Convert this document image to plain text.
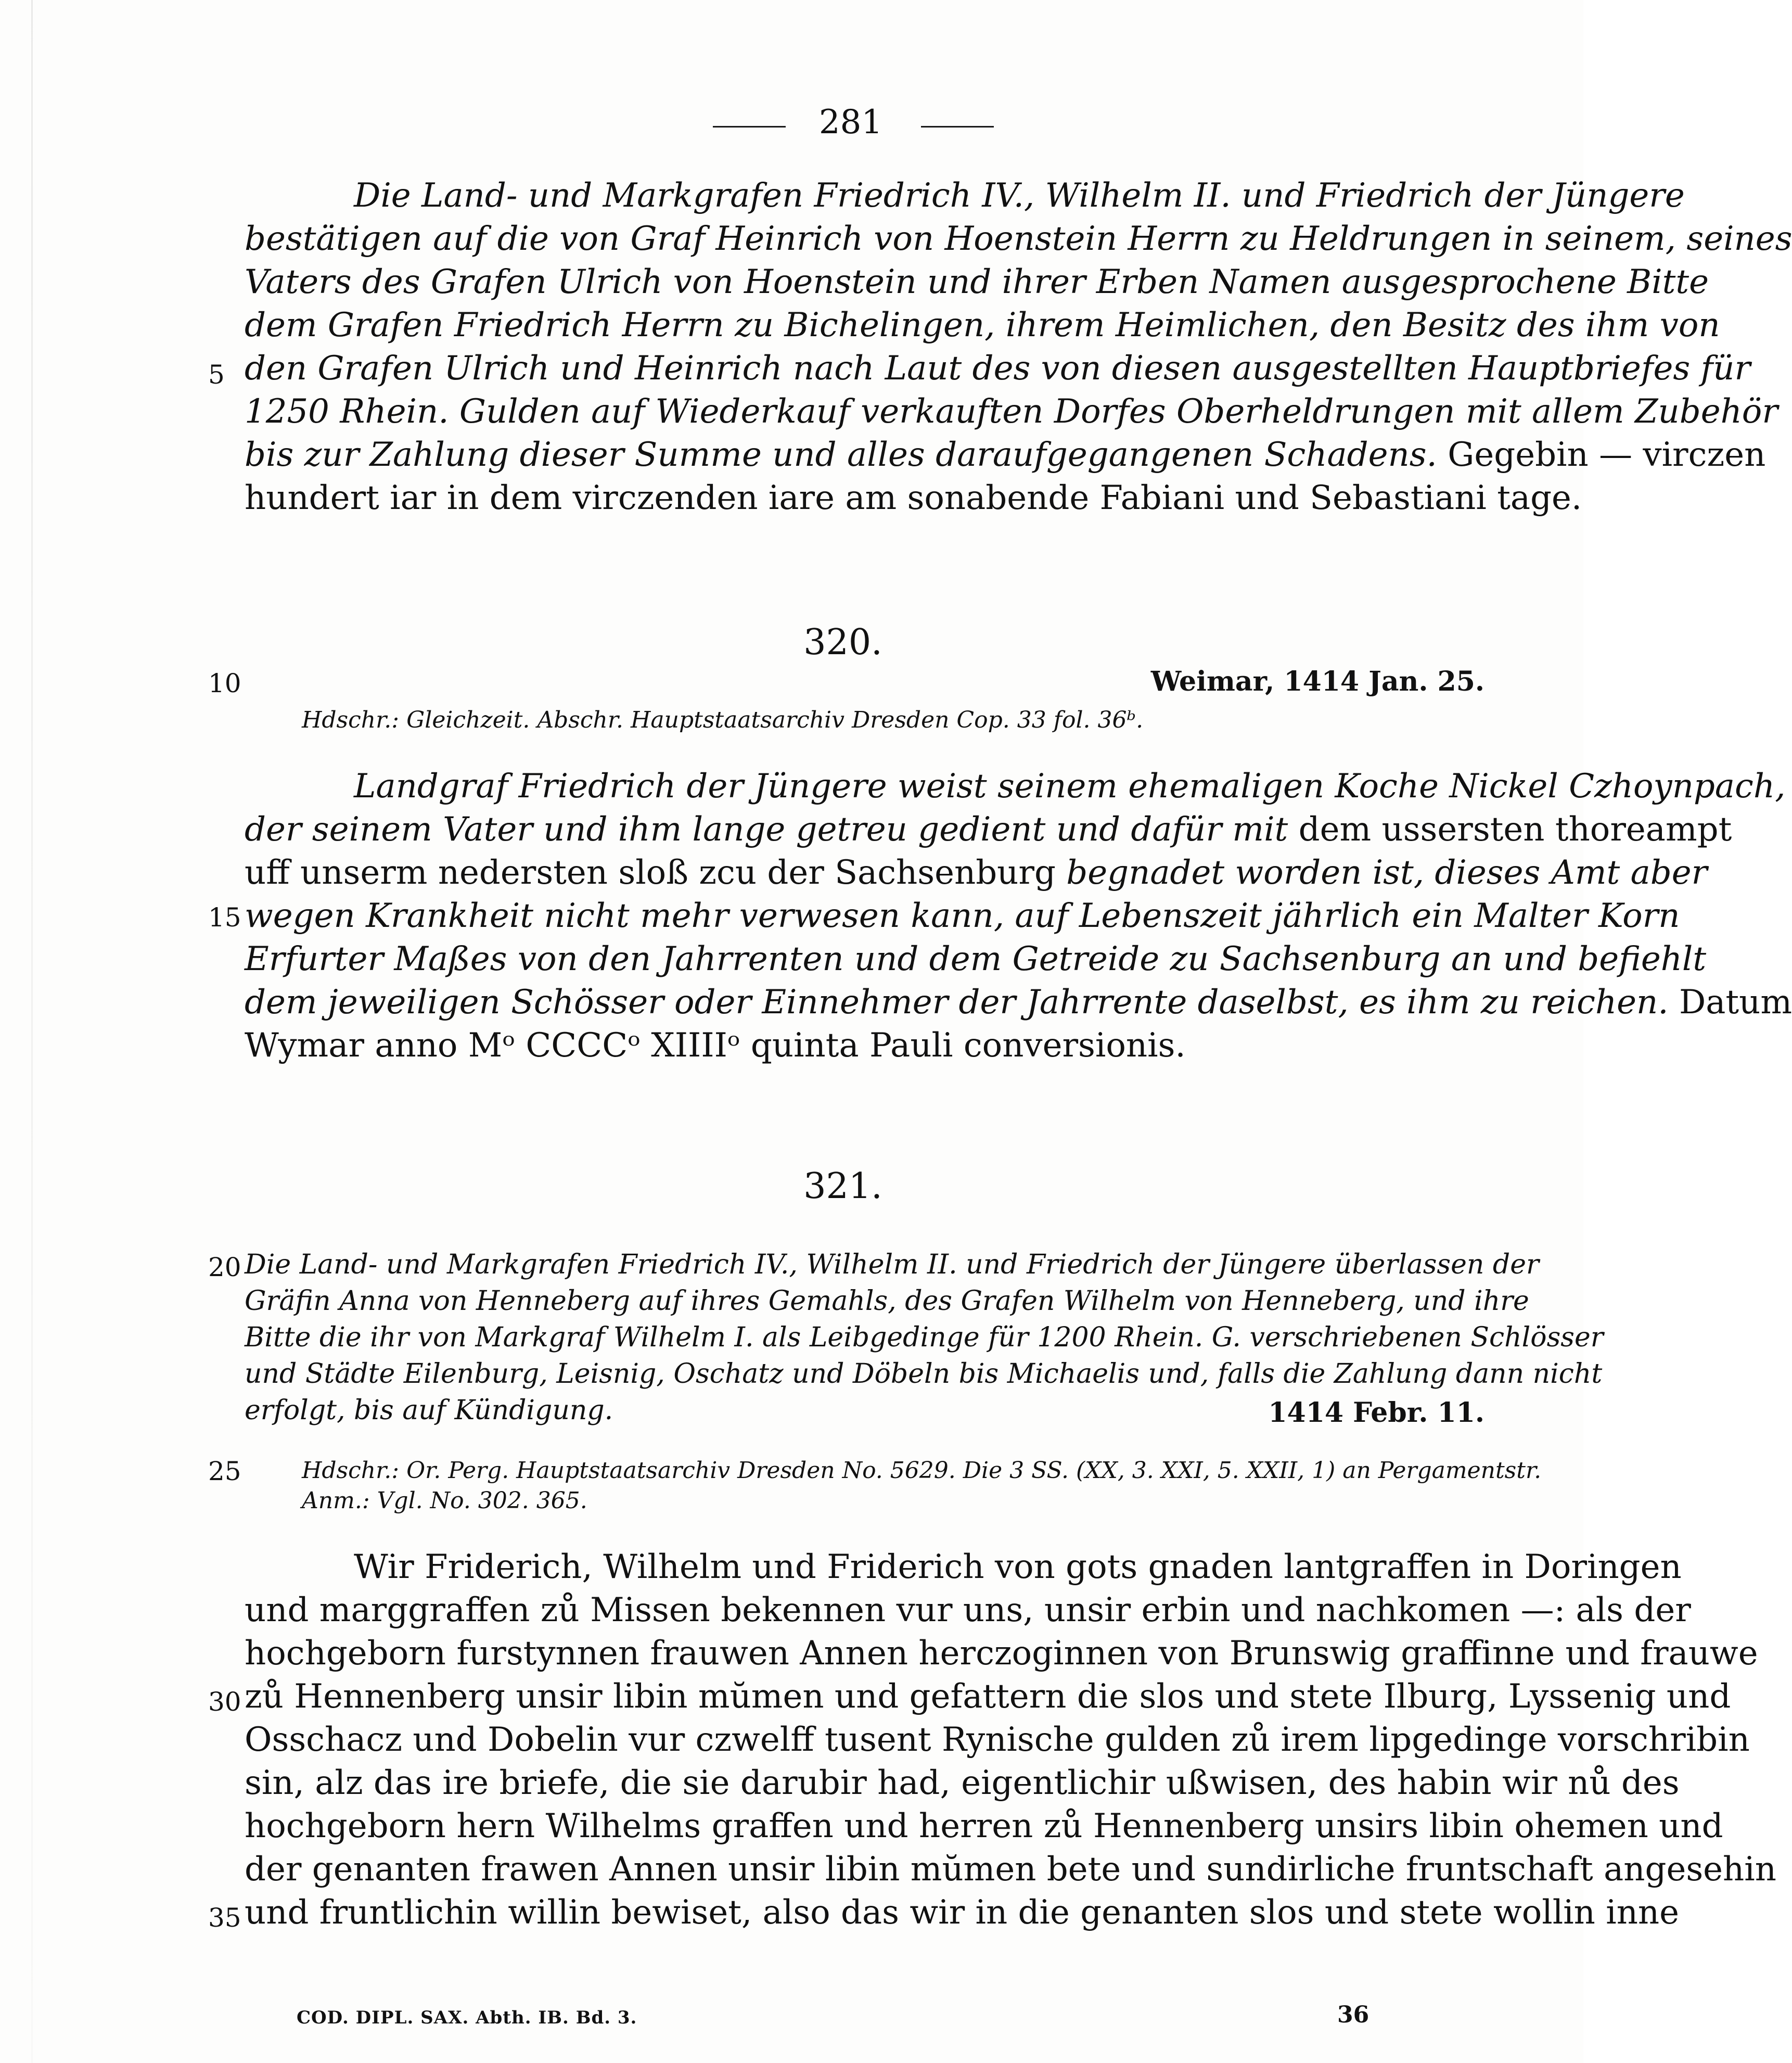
281
Die Land- und Markgrafen Friedrich IV., Wilhelm II. und Friedrich der Jüngere
bestätigen auf die von Graf Heinrich von Hoenstein Herrn zu Heldrungen in seinem, seines
Vaters des Grafen Ulrich von Hoenstein und ihrer Erben Namen ausgesprochene Bitte
dem Grafen Friedrich Herrn zu Bichelingen, ihrem Heimlichen, den Besitz des ihm von
den Grafen Ulrich und Heinrich nach Laut des von diesen ausgestellten Hauptbriefes für
1250 Rhein. Gulden auf Wiederkauf verkauften Dorfes Oberheldrungen mit allem Zubehör
bis zur Zahlung dieser Summe und alles daraufgegangenen Schadens. Gegebin — virczen
hundert iar in dem virczenden iare am sonabende Fabiani und Sebastiani tage.
5
320.
10	Weimar, 1414 Jan. 25.
Hdschr.: Gleichzeit. Abschr. Hauptstaatsarchiv Dresden Cop. 33 fol. 36ᵇ.
Landgraf Friedrich der Jüngere weist seinem ehemaligen Koche Nickel Czhoynpach,
der seinem Vater und ihm lange getreu gedient und dafür mit dem ussersten thoreampt
uff unserm nedersten sloß zcu der Sachsenburg begnadet worden ist, dieses Amt aber
wegen Krankheit nicht mehr verwesen kann, auf Lebenszeit jährlich ein Malter Korn
Erfurter Maßes von den Jahrrenten und dem Getreide zu Sachsenburg an und befiehlt
dem jeweiligen Schösser oder Einnehmer der Jahrrente daselbst, es ihm zu reichen. Datum
Wymar anno Mᵒ CCCCᵒ XIIIIᵒ quinta Pauli conversionis.
15
321.
Die Land- und Markgrafen Friedrich IV., Wilhelm II. und Friedrich der Jüngere überlassen der
Gräfin Anna von Henneberg auf ihres Gemahls, des Grafen Wilhelm von Henneberg, und ihre
Bitte die ihr von Markgraf Wilhelm I. als Leibgedinge für 1200 Rhein. G. verschriebenen Schlösser
und Städte Eilenburg, Leisnig, Oschatz und Döbeln bis Michaelis und, falls die Zahlung dann nicht
erfolgt, bis auf Kündigung.
20
1414 Febr. 11.
25	Hdschr.: Or. Perg. Hauptstaatsarchiv Dresden No. 5629. Die 3 SS. (XX, 3. XXI, 5. XXII, 1) an Pergamentstr.
Anm.: Vgl. No. 302. 365.
Wir Friderich, Wilhelm und Friderich von gots gnaden lantgraffen in Doringen
und marggraffen zů Missen bekennen vur uns, unsir erbin und nachkomen —: als der
hochgeborn furstynnen frauwen Annen herczoginnen von Brunswig graffinne und frauwe
zů Hennenberg unsir libin mŭmen und gefattern die slos und stete Ilburg, Lyssenig und
Osschacz und Dobelin vur czwelff tusent Rynische gulden zů irem lipgedinge vorschribin
sin, alz das ire briefe, die sie darubir had, eigentlichir ußwisen, des habin wir nů des
hochgeborn hern Wilhelms graffen und herren zů Hennenberg unsirs libin ohemen und
der genanten frawen Annen unsir libin mŭmen bete und sundirliche fruntschaft angesehin
und fruntlichin willin bewiset, also das wir in die genanten slos und stete wollin inne
30
35
COD. DIPL. SAX. Abth. IB. Bd. 3.	36
